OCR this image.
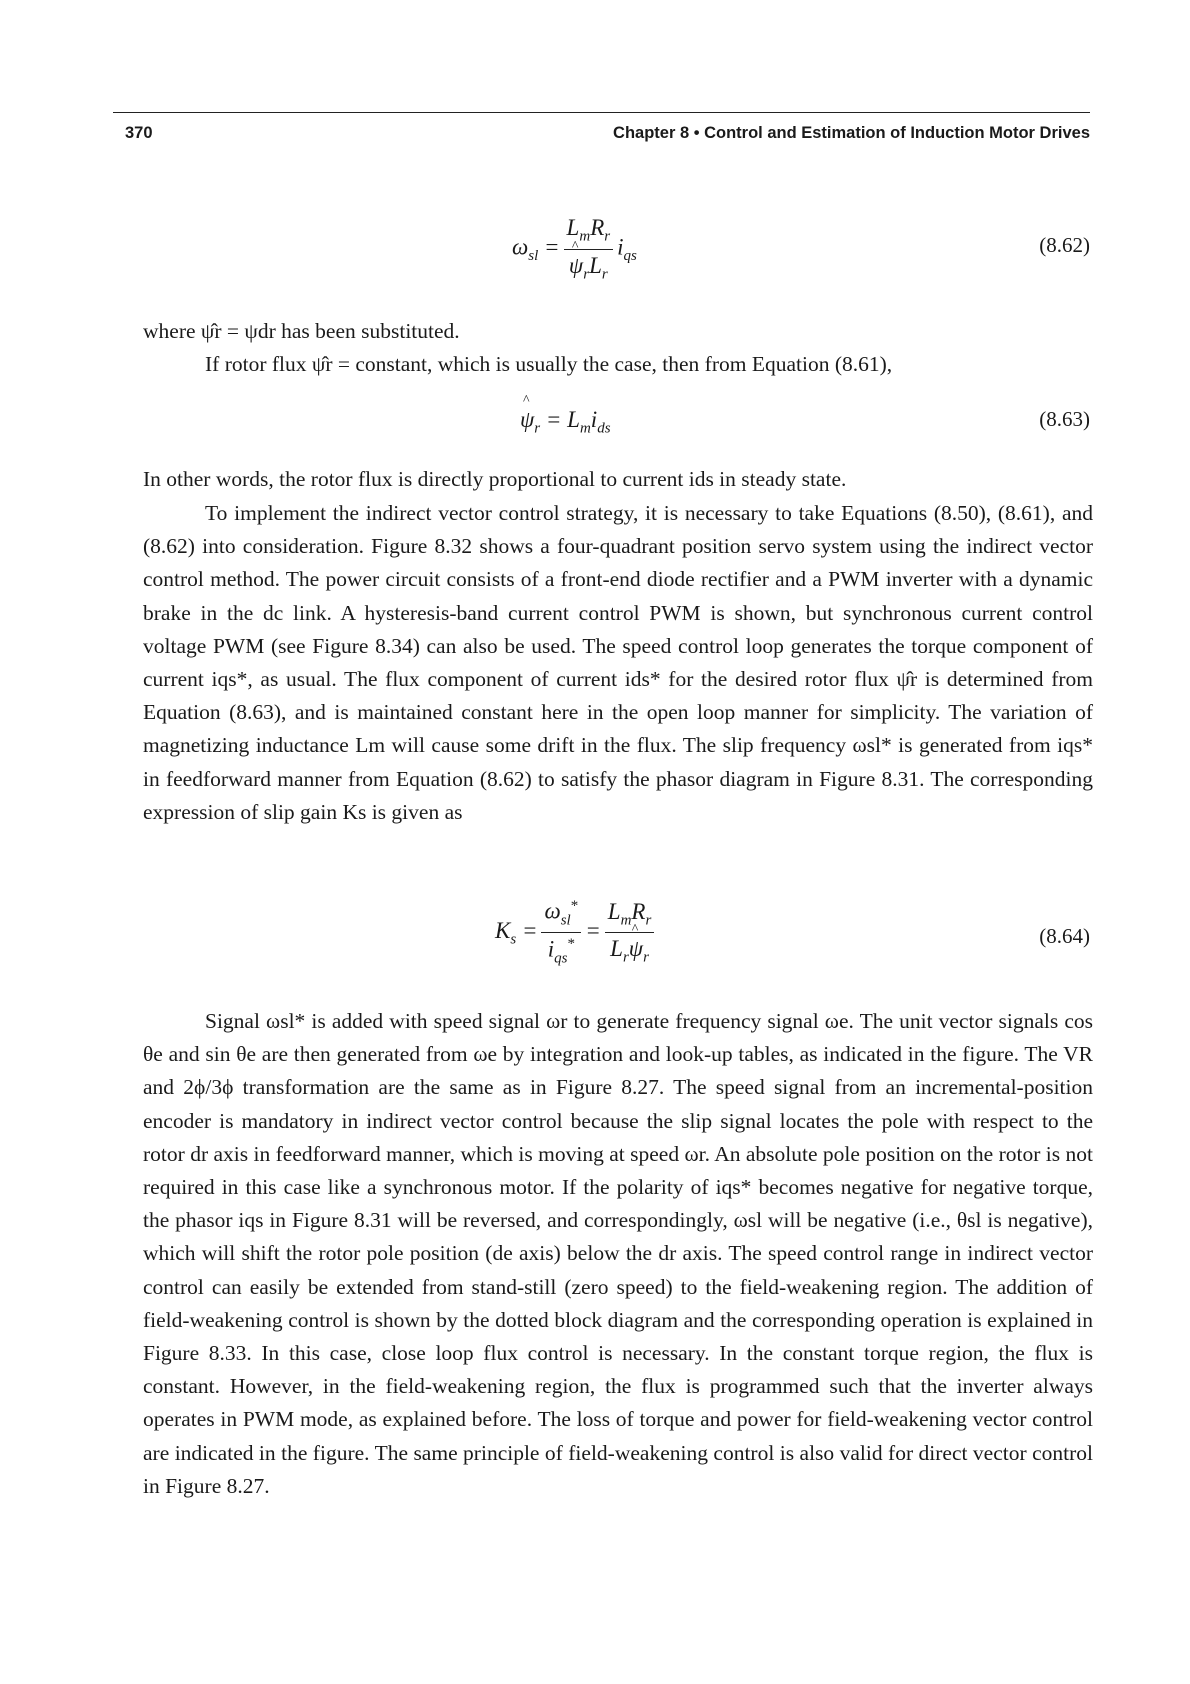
370	Chapter 8 • Control and Estimation of Induction Motor Drives
$\omega_{sl} = L_mR_r$
^ $\psi_rL_r$ $i_{qs}$	(8.62)

where ψ̂r = ψdr has been substituted.

If rotor flux ψ̂r = constant, which is usually the case, then from Equation (8.61),

^ $\psi_r = L_mi_{ds}$	(8.63)

In other words, the rotor flux is directly proportional to current ids in steady state.

To implement the indirect vector control strategy, it is necessary to take Equations (8.50), (8.61), and (8.62) into consideration. Figure 8.32 shows a four-quadrant position servo system using the indirect vector control method. The power circuit consists of a front-end diode rectifier and a PWM inverter with a dynamic brake in the dc link. A hysteresis-band current control PWM is shown, but synchronous current control voltage PWM (see Figure 8.34) can also be used. The speed control loop generates the torque component of current iqs*, as usual. The flux component of current ids* for the desired rotor flux ψ̂r is determined from Equation (8.63), and is maintained constant here in the open loop manner for simplicity. The variation of magnetizing inductance Lm will cause some drift in the flux. The slip frequency ωsl* is generated from iqs* in feedforward manner from Equation (8.62) to satisfy the phasor diagram in Figure 8.31. The corresponding expression of slip gain Ks is given as

$K_s = \frac{\omega_{sl}^*}{i_{qs}^*} = \frac{L_mR_r}{L_r\^{} \psi_r}$	(8.64)

Signal ωsl* is added with speed signal ωr to generate frequency signal ωe. The unit vector signals cos θe and sin θe are then generated from ωe by integration and look-up tables, as indicated in the figure. The VR and 2ϕ/3ϕ transformation are the same as in Figure 8.27. The speed signal from an incremental-position encoder is mandatory in indirect vector control because the slip signal locates the pole with respect to the rotor dr axis in feedforward manner, which is moving at speed ωr. An absolute pole position on the rotor is not required in this case like a synchronous motor. If the polarity of iqs* becomes negative for negative torque, the phasor iqs in Figure 8.31 will be reversed, and correspondingly, ωsl will be negative (i.e., θsl is negative), which will shift the rotor pole position (de axis) below the dr axis. The speed control range in indirect vector control can easily be extended from stand-still (zero speed) to the field-weakening region. The addition of field-weakening control is shown by the dotted block diagram and the corresponding operation is explained in Figure 8.33. In this case, close loop flux control is necessary. In the constant torque region, the flux is constant. However, in the field-weakening region, the flux is programmed such that the inverter always operates in PWM mode, as explained before. The loss of torque and power for field-weakening vector control are indicated in the figure. The same principle of field-weakening control is also valid for direct vector control in Figure 8.27.
